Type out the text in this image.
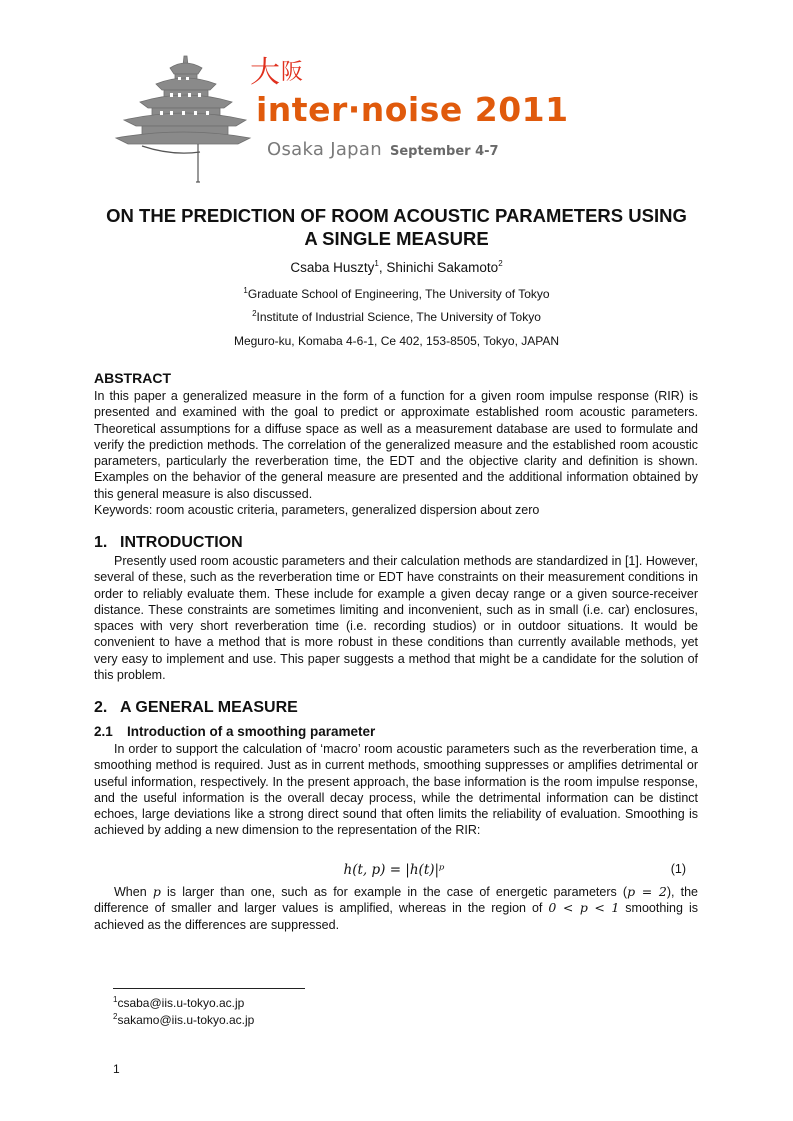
大$^阪$
inter·noise 2011
Osaka Japan September 4-7
ON THE PREDICTION OF ROOM ACOUSTIC PARAMETERS USING
A SINGLE MEASURE
Csaba Huszty$^1$, Shinichi Sakamoto$^2$
$^1$Graduate School of Engineering, The University of Tokyo
$^2$Institute of Industrial Science, The University of Tokyo
Meguro-ku, Komaba 4-6-1, Ce 402, 153-8505, Tokyo, JAPAN
ABSTRACT

In this paper a generalized measure in the form of a function for a given room impulse response (RIR) is presented and examined with the goal to predict or approximate established room acoustic parameters. Theoretical assumptions for a diffuse space as well as a measurement database are used to formulate and verify the prediction methods. The correlation of the generalized measure and the established room acoustic parameters, particularly the reverberation time, the EDT and the objective clarity and definition is shown. Examples on the behavior of the general measure are presented and the additional information obtained by this general measure is also discussed.

Keywords: room acoustic criteria, parameters, generalized dispersion about zero
1. INTRODUCTION

Presently used room acoustic parameters and their calculation methods are standardized in [1]. However, several of these, such as the reverberation time or EDT have constraints on their measurement conditions in order to reliably evaluate them. These include for example a given decay range or a given source-receiver distance. These constraints are sometimes limiting and inconvenient, such as in small (i.e. car) enclosures, spaces with very short reverberation time (i.e. recording studios) or in outdoor situations. It would be convenient to have a method that is more robust in these conditions than currently available methods, yet very easy to implement and use. This paper suggests a method that might be a candidate for the solution of this problem.

2. A GENERAL MEASURE
2.1 Introduction of a smoothing parameter

In order to support the calculation of ‘macro’ room acoustic parameters such as the reverberation time, a smoothing method is required. Just as in current methods, smoothing suppresses or amplifies detrimental or useful information, respectively. In the present approach, the base information is the room impulse response, and the useful information is the overall decay process, while the detrimental information can be distinct echoes, large deviations like a strong direct sound that often limits the reliability of evaluation. Smoothing is achieved by adding a new dimension to the representation of the RIR:

h(t, p) = |h(t)|ᵖ	(1)

When p is larger than one, such as for example in the case of energetic parameters (p = 2), the difference of smaller and larger values is amplified, whereas in the region of 0 < p < 1 smoothing is achieved as the differences are suppressed.

$^1$csaba@iis.u-tokyo.ac.jp
$^2$sakamo@iis.u-tokyo.ac.jp
1
